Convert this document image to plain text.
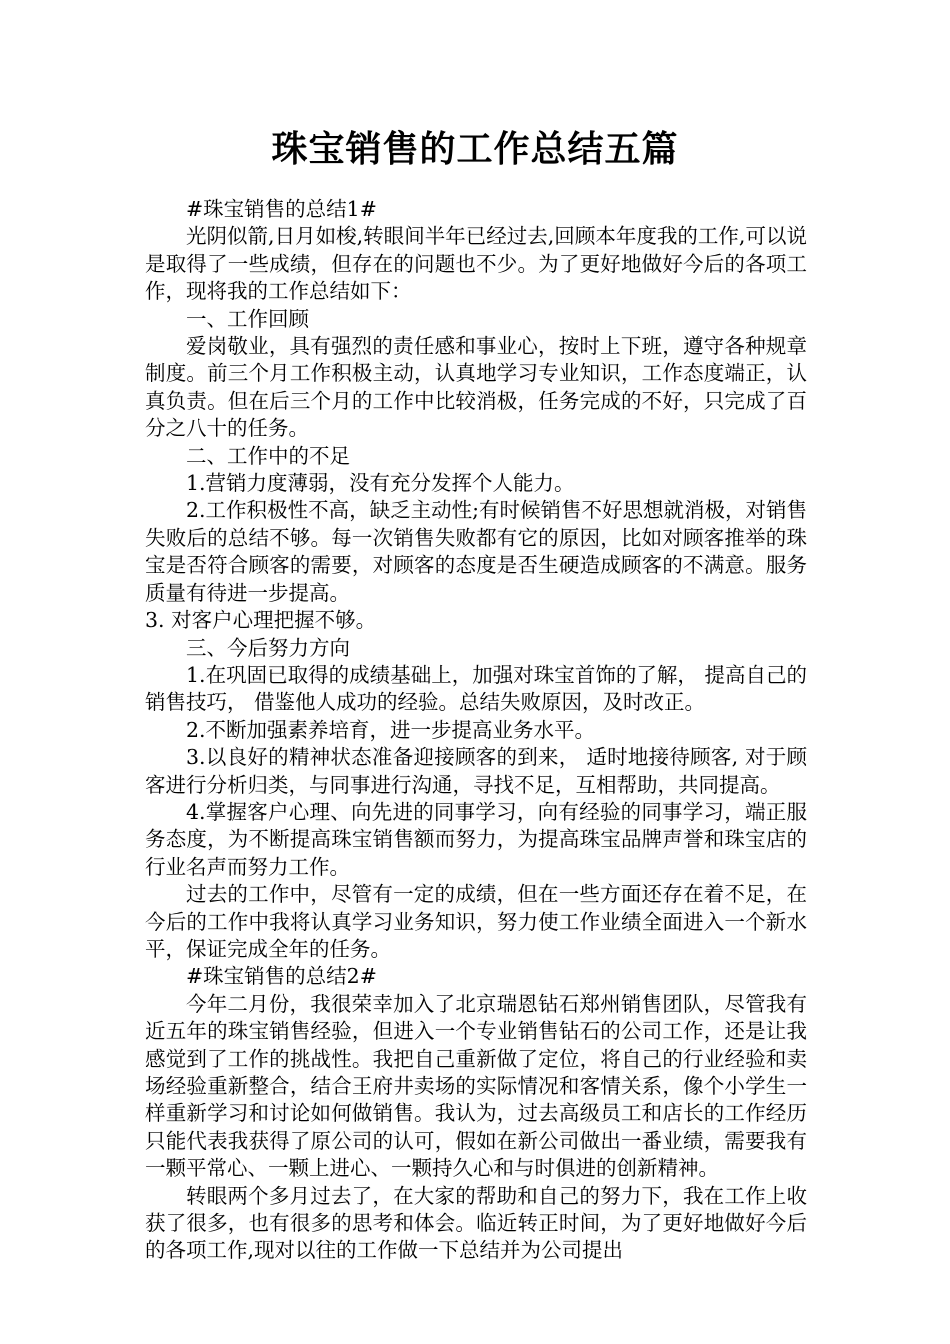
珠宝销售的工作总结五篇

#珠宝销售的总结1#

光阴似箭,日月如梭,转眼间半年已经过去,回顾本年度我的工作,可以说是取得了一些成绩，但存在的问题也不少。为了更好地做好今后的各项工作，现将我的工作总结如下：

一、工作回顾

爱岗敬业，具有强烈的责任感和事业心，按时上下班，遵守各种规章制度。前三个月工作积极主动，认真地学习专业知识，工作态度端正，认真负责。但在后三个月的工作中比较消极，任务完成的不好，只完成了百分之八十的任务。

二、工作中的不足

1.营销力度薄弱，没有充分发挥个人能力。

2.工作积极性不高，缺乏主动性;有时候销售不好思想就消极，对销售失败后的总结不够。每一次销售失败都有它的原因，比如对顾客推举的珠宝是否符合顾客的需要，对顾客的态度是否生硬造成顾客的不满意。服务质量有待进一步提高。

3. 对客户心理把握不够。

三、今后努力方向

1.在巩固已取得的成绩基础上，加强对珠宝首饰的了解， 提高自己的销售技巧， 借鉴他人成功的经验。总结失败原因，及时改正。

2.不断加强素养培育，进一步提高业务水平。

3.以良好的精神状态准备迎接顾客的到来， 适时地接待顾客, 对于顾客进行分析归类，与同事进行沟通，寻找不足，互相帮助，共同提高。

4.掌握客户心理、向先进的同事学习，向有经验的同事学习，端正服务态度，为不断提高珠宝销售额而努力，为提高珠宝品牌声誉和珠宝店的行业名声而努力工作。

过去的工作中，尽管有一定的成绩，但在一些方面还存在着不足，在今后的工作中我将认真学习业务知识，努力使工作业绩全面进入一个新水平，保证完成全年的任务。

#珠宝销售的总结2#

今年二月份，我很荣幸加入了北京瑞恩钻石郑州销售团队，尽管我有近五年的珠宝销售经验，但进入一个专业销售钻石的公司工作，还是让我感觉到了工作的挑战性。我把自己重新做了定位，将自己的行业经验和卖场经验重新整合，结合王府井卖场的实际情况和客情关系，像个小学生一样重新学习和讨论如何做销售。我认为，过去高级员工和店长的工作经历只能代表我获得了原公司的认可，假如在新公司做出一番业绩，需要我有一颗平常心、一颗上进心、一颗持久心和与时俱进的创新精神。

转眼两个多月过去了，在大家的帮助和自己的努力下，我在工作上收获了很多，也有很多的思考和体会。临近转正时间，为了更好地做好今后的各项工作,现对以往的工作做一下总结并为公司提出
